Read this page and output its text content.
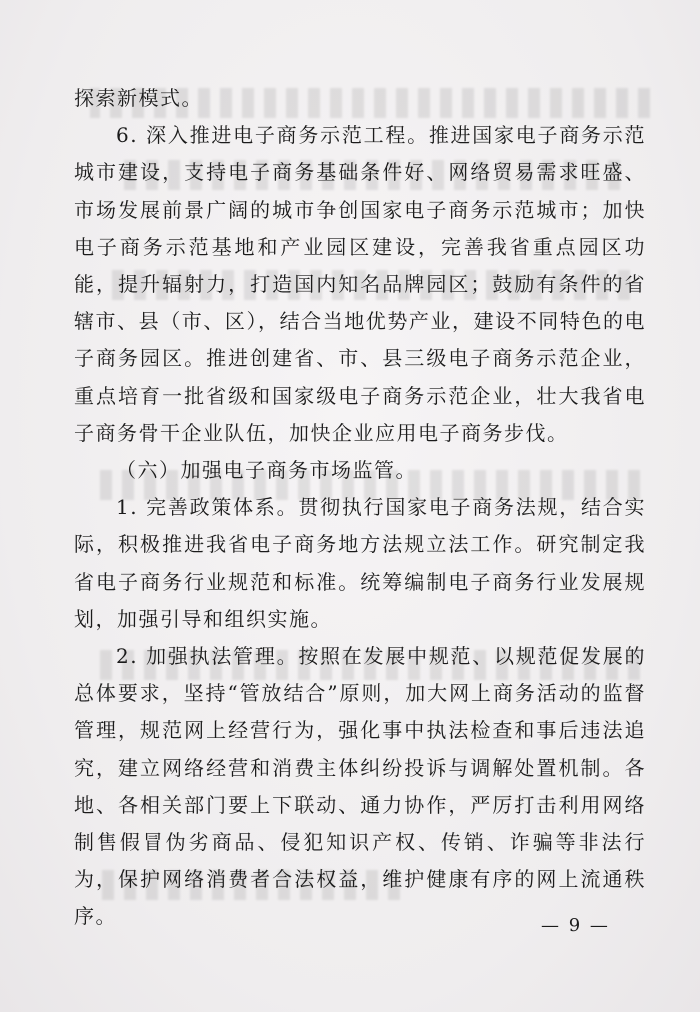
探索新模式。

6. 深入推进电子商务示范工程。推进国家电子商务示范城市建设，支持电子商务基础条件好、网络贸易需求旺盛、市场发展前景广阔的城市争创国家电子商务示范城市；加快电子商务示范基地和产业园区建设，完善我省重点园区功能，提升辐射力，打造国内知名品牌园区；鼓励有条件的省辖市、县（市、区），结合当地优势产业，建设不同特色的电子商务园区。推进创建省、市、县三级电子商务示范企业，重点培育一批省级和国家级电子商务示范企业，壮大我省电子商务骨干企业队伍，加快企业应用电子商务步伐。

（六）加强电子商务市场监管。

1. 完善政策体系。贯彻执行国家电子商务法规，结合实际，积极推进我省电子商务地方法规立法工作。研究制定我省电子商务行业规范和标准。统筹编制电子商务行业发展规划，加强引导和组织实施。

2. 加强执法管理。按照在发展中规范、以规范促发展的总体要求，坚持“管放结合”原则，加大网上商务活动的监督管理，规范网上经营行为，强化事中执法检查和事后违法追究，建立网络经营和消费主体纠纷投诉与调解处置机制。各地、各相关部门要上下联动、通力协作，严厉打击利用网络制售假冒伪劣商品、侵犯知识产权、传销、诈骗等非法行为，保护网络消费者合法权益，维护健康有序的网上流通秩序。	— 9 —
